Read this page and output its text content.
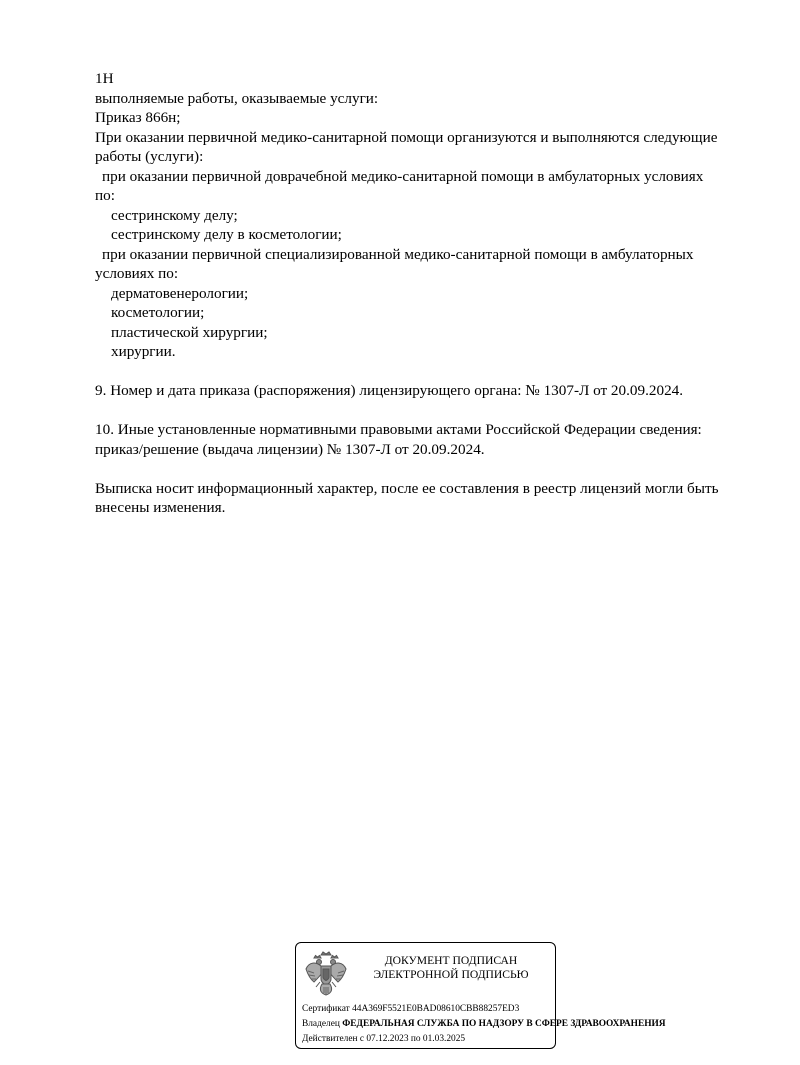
1Н
выполняемые работы, оказываемые услуги:
Приказ 866н;
При оказании первичной медико-санитарной помощи организуются и выполняются следующие
работы (услуги):
при оказании первичной доврачебной медико-санитарной помощи в амбулаторных условиях
по:
сестринскому делу;
сестринскому делу в косметологии;
при оказании первичной специализированной медико-санитарной помощи в амбулаторных
условиях по:
дерматовенерологии;
косметологии;
пластической хирургии;
хирургии.
9. Номер и дата приказа (распоряжения) лицензирующего органа: № 1307-Л от 20.09.2024.
10. Иные установленные нормативными правовыми актами Российской Федерации сведения:
приказ/решение (выдача лицензии) № 1307-Л от 20.09.2024.
Выписка носит информационный характер, после ее составления в реестр лицензий могли быть
внесены изменения.
ДОКУМЕНТ ПОДПИСАН
ЭЛЕКТРОННОЙ ПОДПИСЬЮ
Сертификат 44A369F5521E0BAD08610CBB88257ED3
Владелец ФЕДЕРАЛЬНАЯ СЛУЖБА ПО НАДЗОРУ В СФЕРЕ ЗДРАВООХРАНЕНИЯ
Действителен с 07.12.2023 по 01.03.2025
